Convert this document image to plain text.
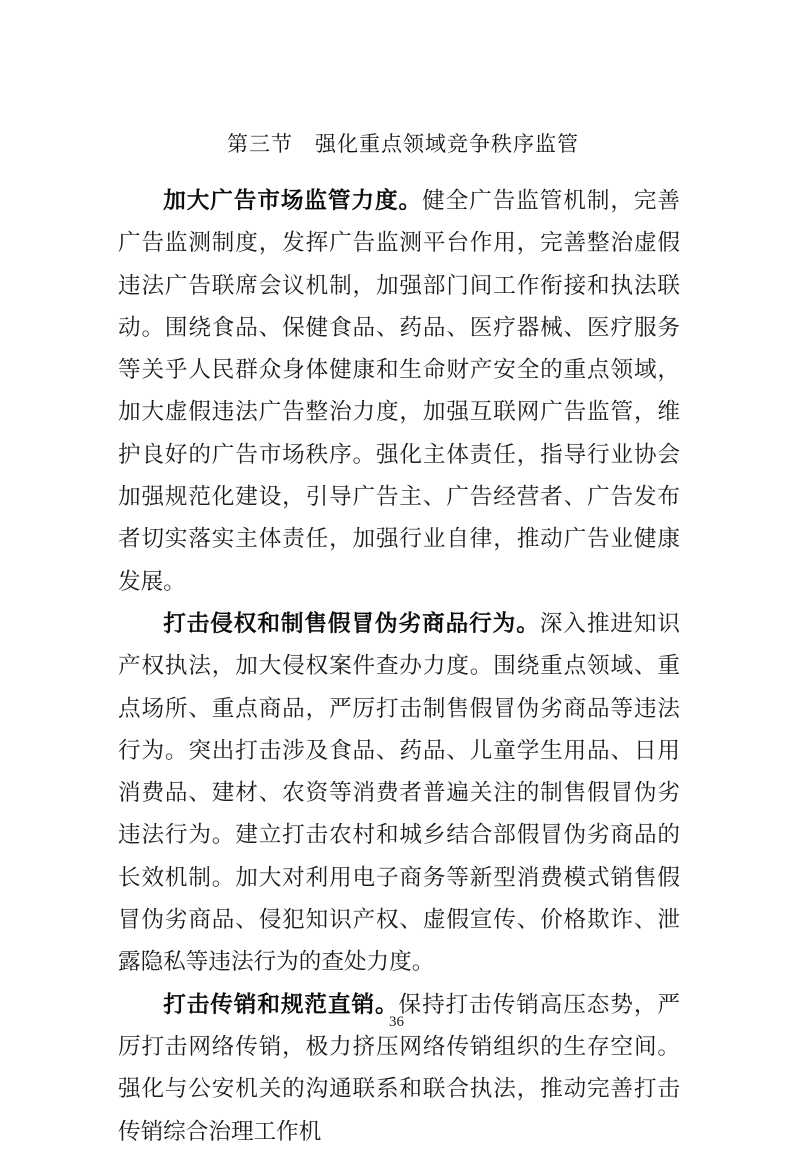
第三节　强化重点领域竞争秩序监管

加大广告市场监管力度。健全广告监管机制，完善广告监测制度，发挥广告监测平台作用，完善整治虚假违法广告联席会议机制，加强部门间工作衔接和执法联动。围绕食品、保健食品、药品、医疗器械、医疗服务等关乎人民群众身体健康和生命财产安全的重点领域，加大虚假违法广告整治力度，加强互联网广告监管，维护良好的广告市场秩序。强化主体责任，指导行业协会加强规范化建设，引导广告主、广告经营者、广告发布者切实落实主体责任，加强行业自律，推动广告业健康发展。

打击侵权和制售假冒伪劣商品行为。深入推进知识产权执法，加大侵权案件查办力度。围绕重点领域、重点场所、重点商品，严厉打击制售假冒伪劣商品等违法行为。突出打击涉及食品、药品、儿童学生用品、日用消费品、建材、农资等消费者普遍关注的制售假冒伪劣违法行为。建立打击农村和城乡结合部假冒伪劣商品的长效机制。加大对利用电子商务等新型消费模式销售假冒伪劣商品、侵犯知识产权、虚假宣传、价格欺诈、泄露隐私等违法行为的查处力度。

打击传销和规范直销。保持打击传销高压态势，严厉打击网络传销，极力挤压网络传销组织的生存空间。强化与公安机关的沟通联系和联合执法，推动完善打击传销综合治理工作机

36
